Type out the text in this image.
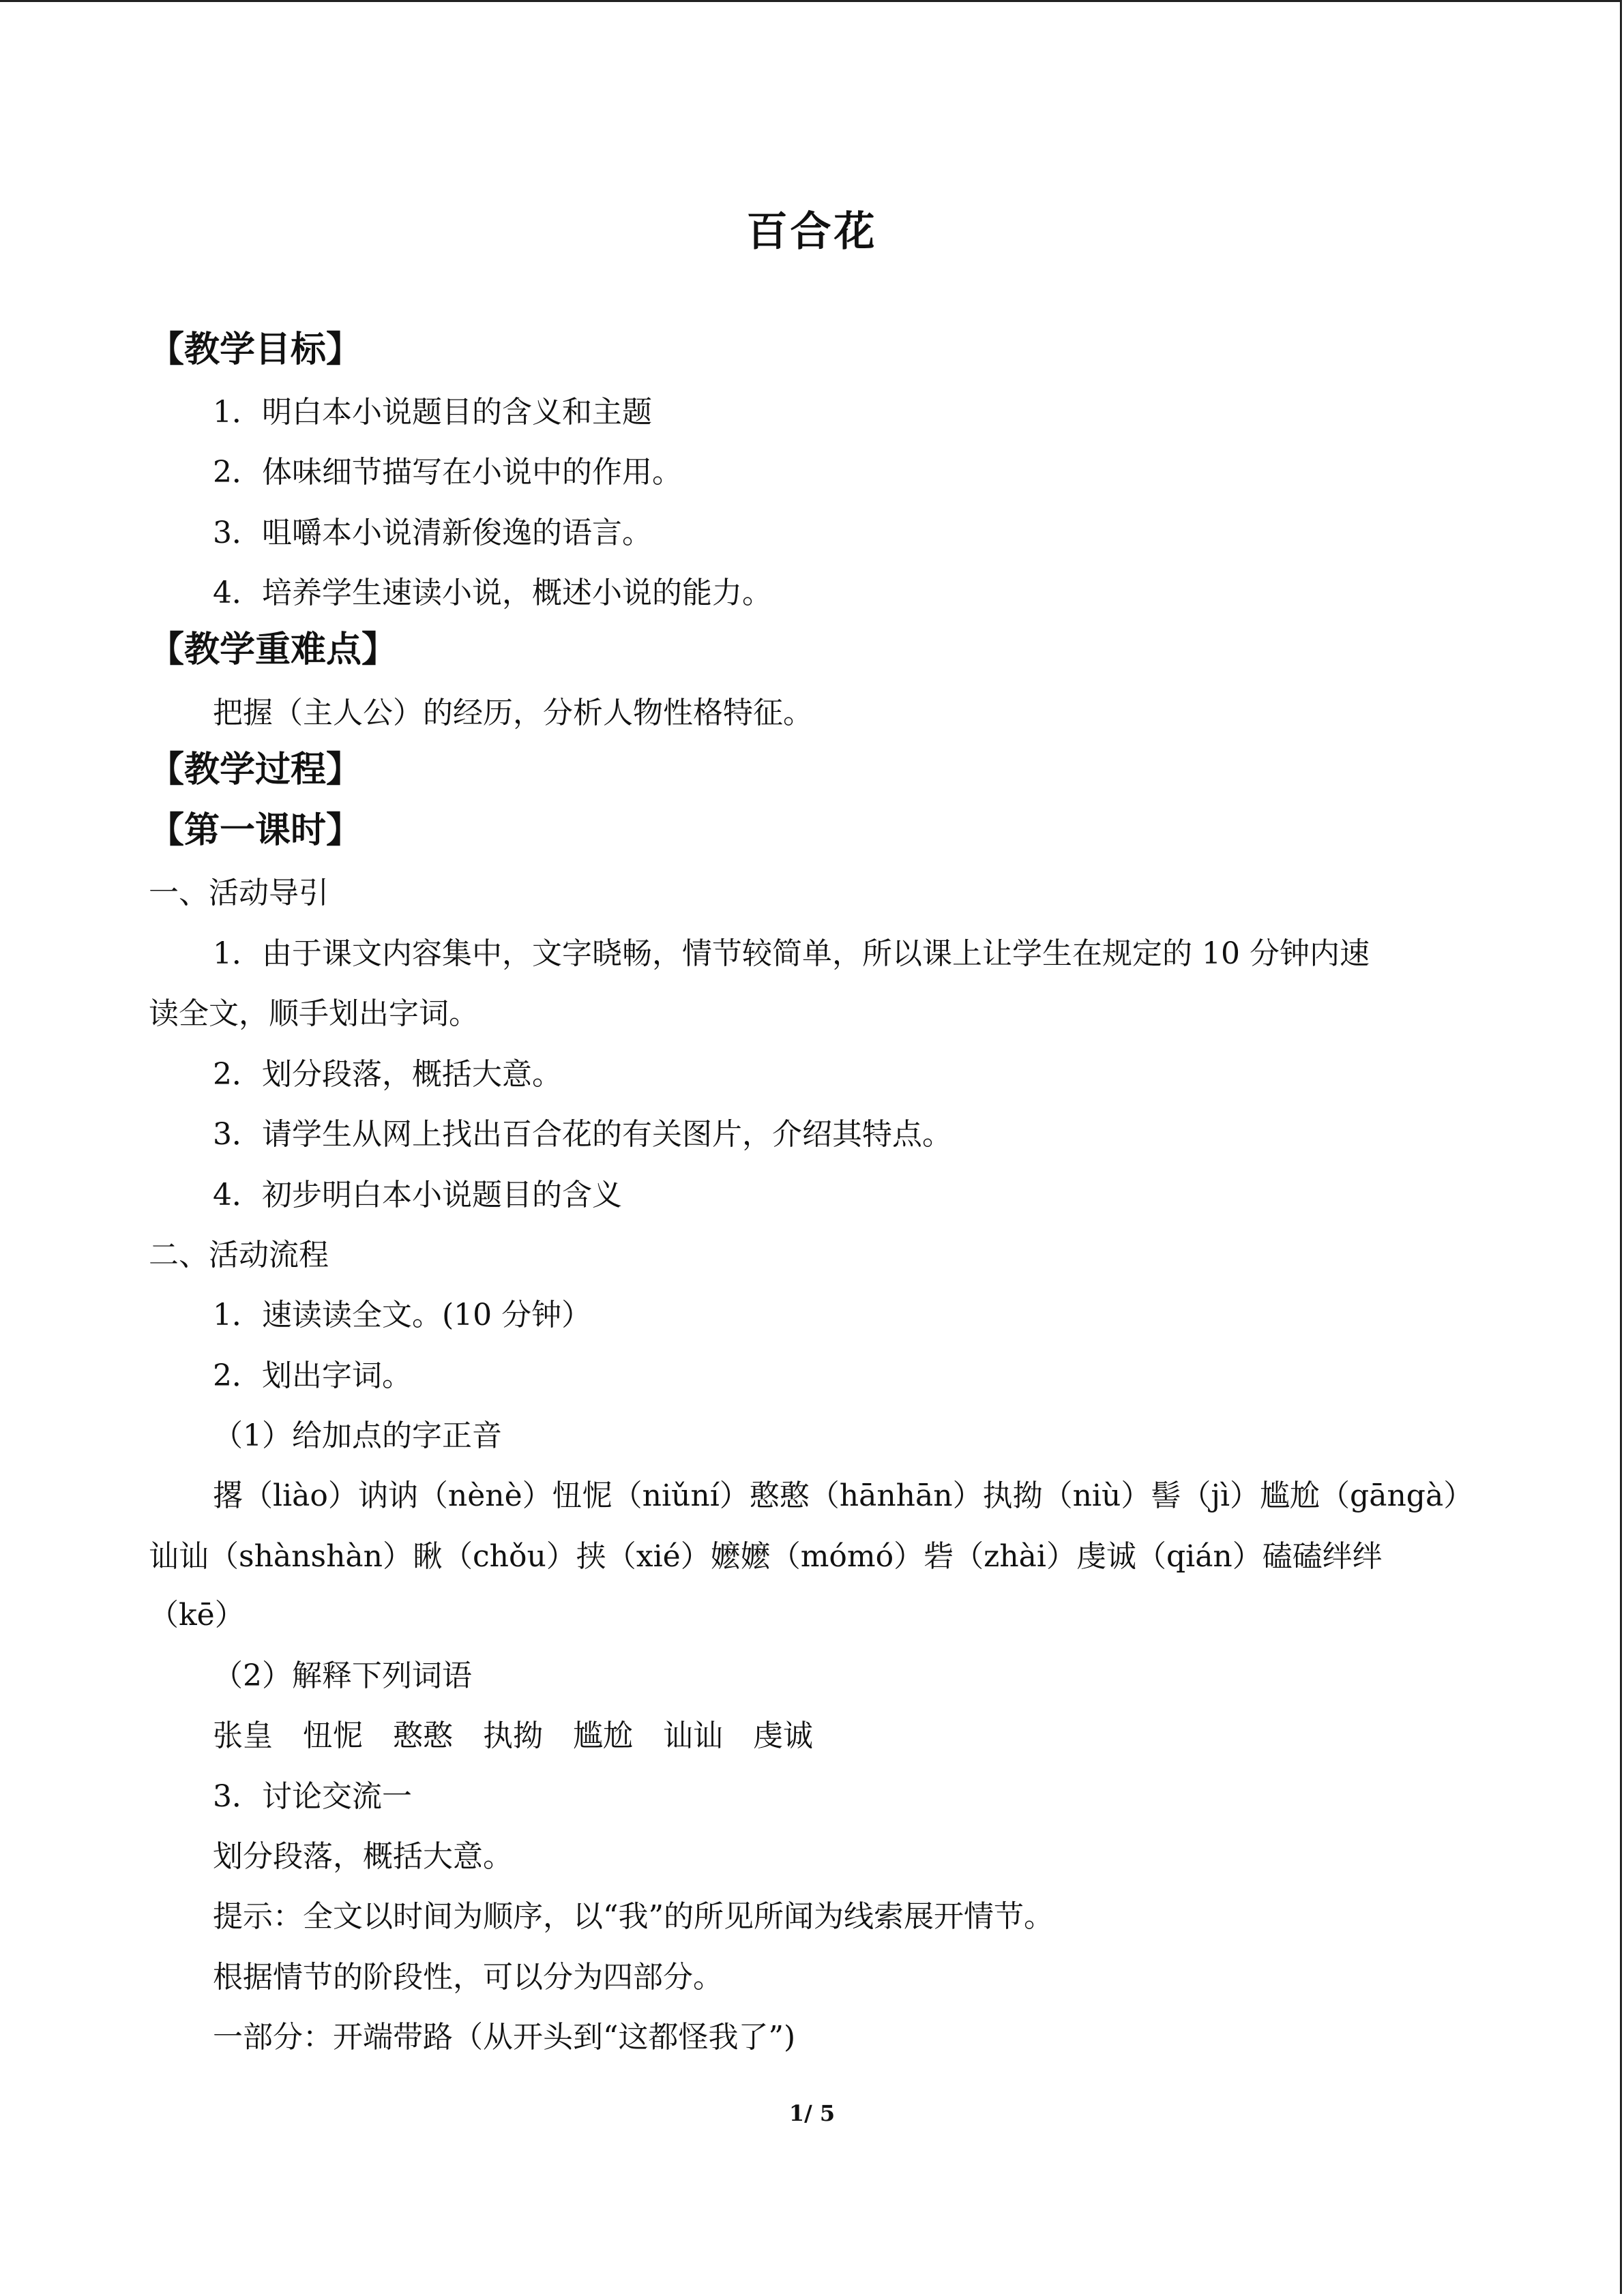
百合花
【教学目标】
1．明白本小说题目的含义和主题
2．体味细节描写在小说中的作用。
3．咀嚼本小说清新俊逸的语言。
4．培养学生速读小说，概述小说的能力。
【教学重难点】
把握（主人公）的经历，分析人物性格特征。
【教学过程】
【第一课时】
一、活动导引
1．由于课文内容集中，文字晓畅，情节较简单，所以课上让学生在规定的 10 分钟内速
读全文，顺手划出字词。
2．划分段落，概括大意。
3．请学生从网上找出百合花的有关图片，介绍其特点。
4．初步明白本小说题目的含义
二、活动流程
1．速读读全文。(10 分钟）
2．划出字词。
（1）给加点的字正音
撂（liào）讷讷（nènè）忸怩（niǔní）憨憨（hānhān）执拗（niù）髻（jì）尴尬（gāngà）
讪讪（shànshàn）瞅（chǒu）挟（xié）嬷嬷（mómó）砦（zhài）虔诚（qián）磕磕绊绊
（kē）
（2）解释下列词语
张皇　忸怩　憨憨　执拗　尴尬　讪讪　虔诚
3．讨论交流一
划分段落，概括大意。
提示：全文以时间为顺序，以“我”的所见所闻为线索展开情节。
根据情节的阶段性，可以分为四部分。
一部分：开端带路（从开头到“这都怪我了”)
1/ 5
